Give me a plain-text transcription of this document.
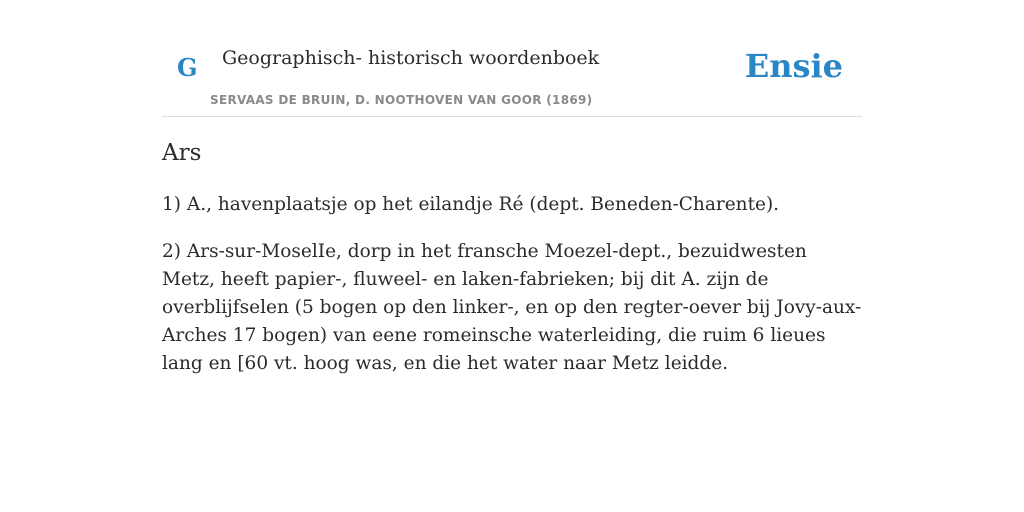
G Geographisch- historisch woordenboek
SERVAAS DE BRUIN, D. NOOTHOVEN VAN GOOR (1869)
Ensie
Ars

1) A., havenplaatsje op het eilandje Ré (dept. Beneden-Charente).

2) Ars-sur-MoselIe, dorp in het fransche Moezel-dept., bezuidwesten Metz, heeft papier-, fluweel- en laken-fabrieken; bij dit A. zijn de overblijfselen (5 bogen op den linker-, en op den regter-oever bij Jovy-aux-Arches 17 bogen) van eene romeinsche waterleiding, die ruim 6 lieues lang en [60 vt. hoog was, en die het water naar Metz leidde.
